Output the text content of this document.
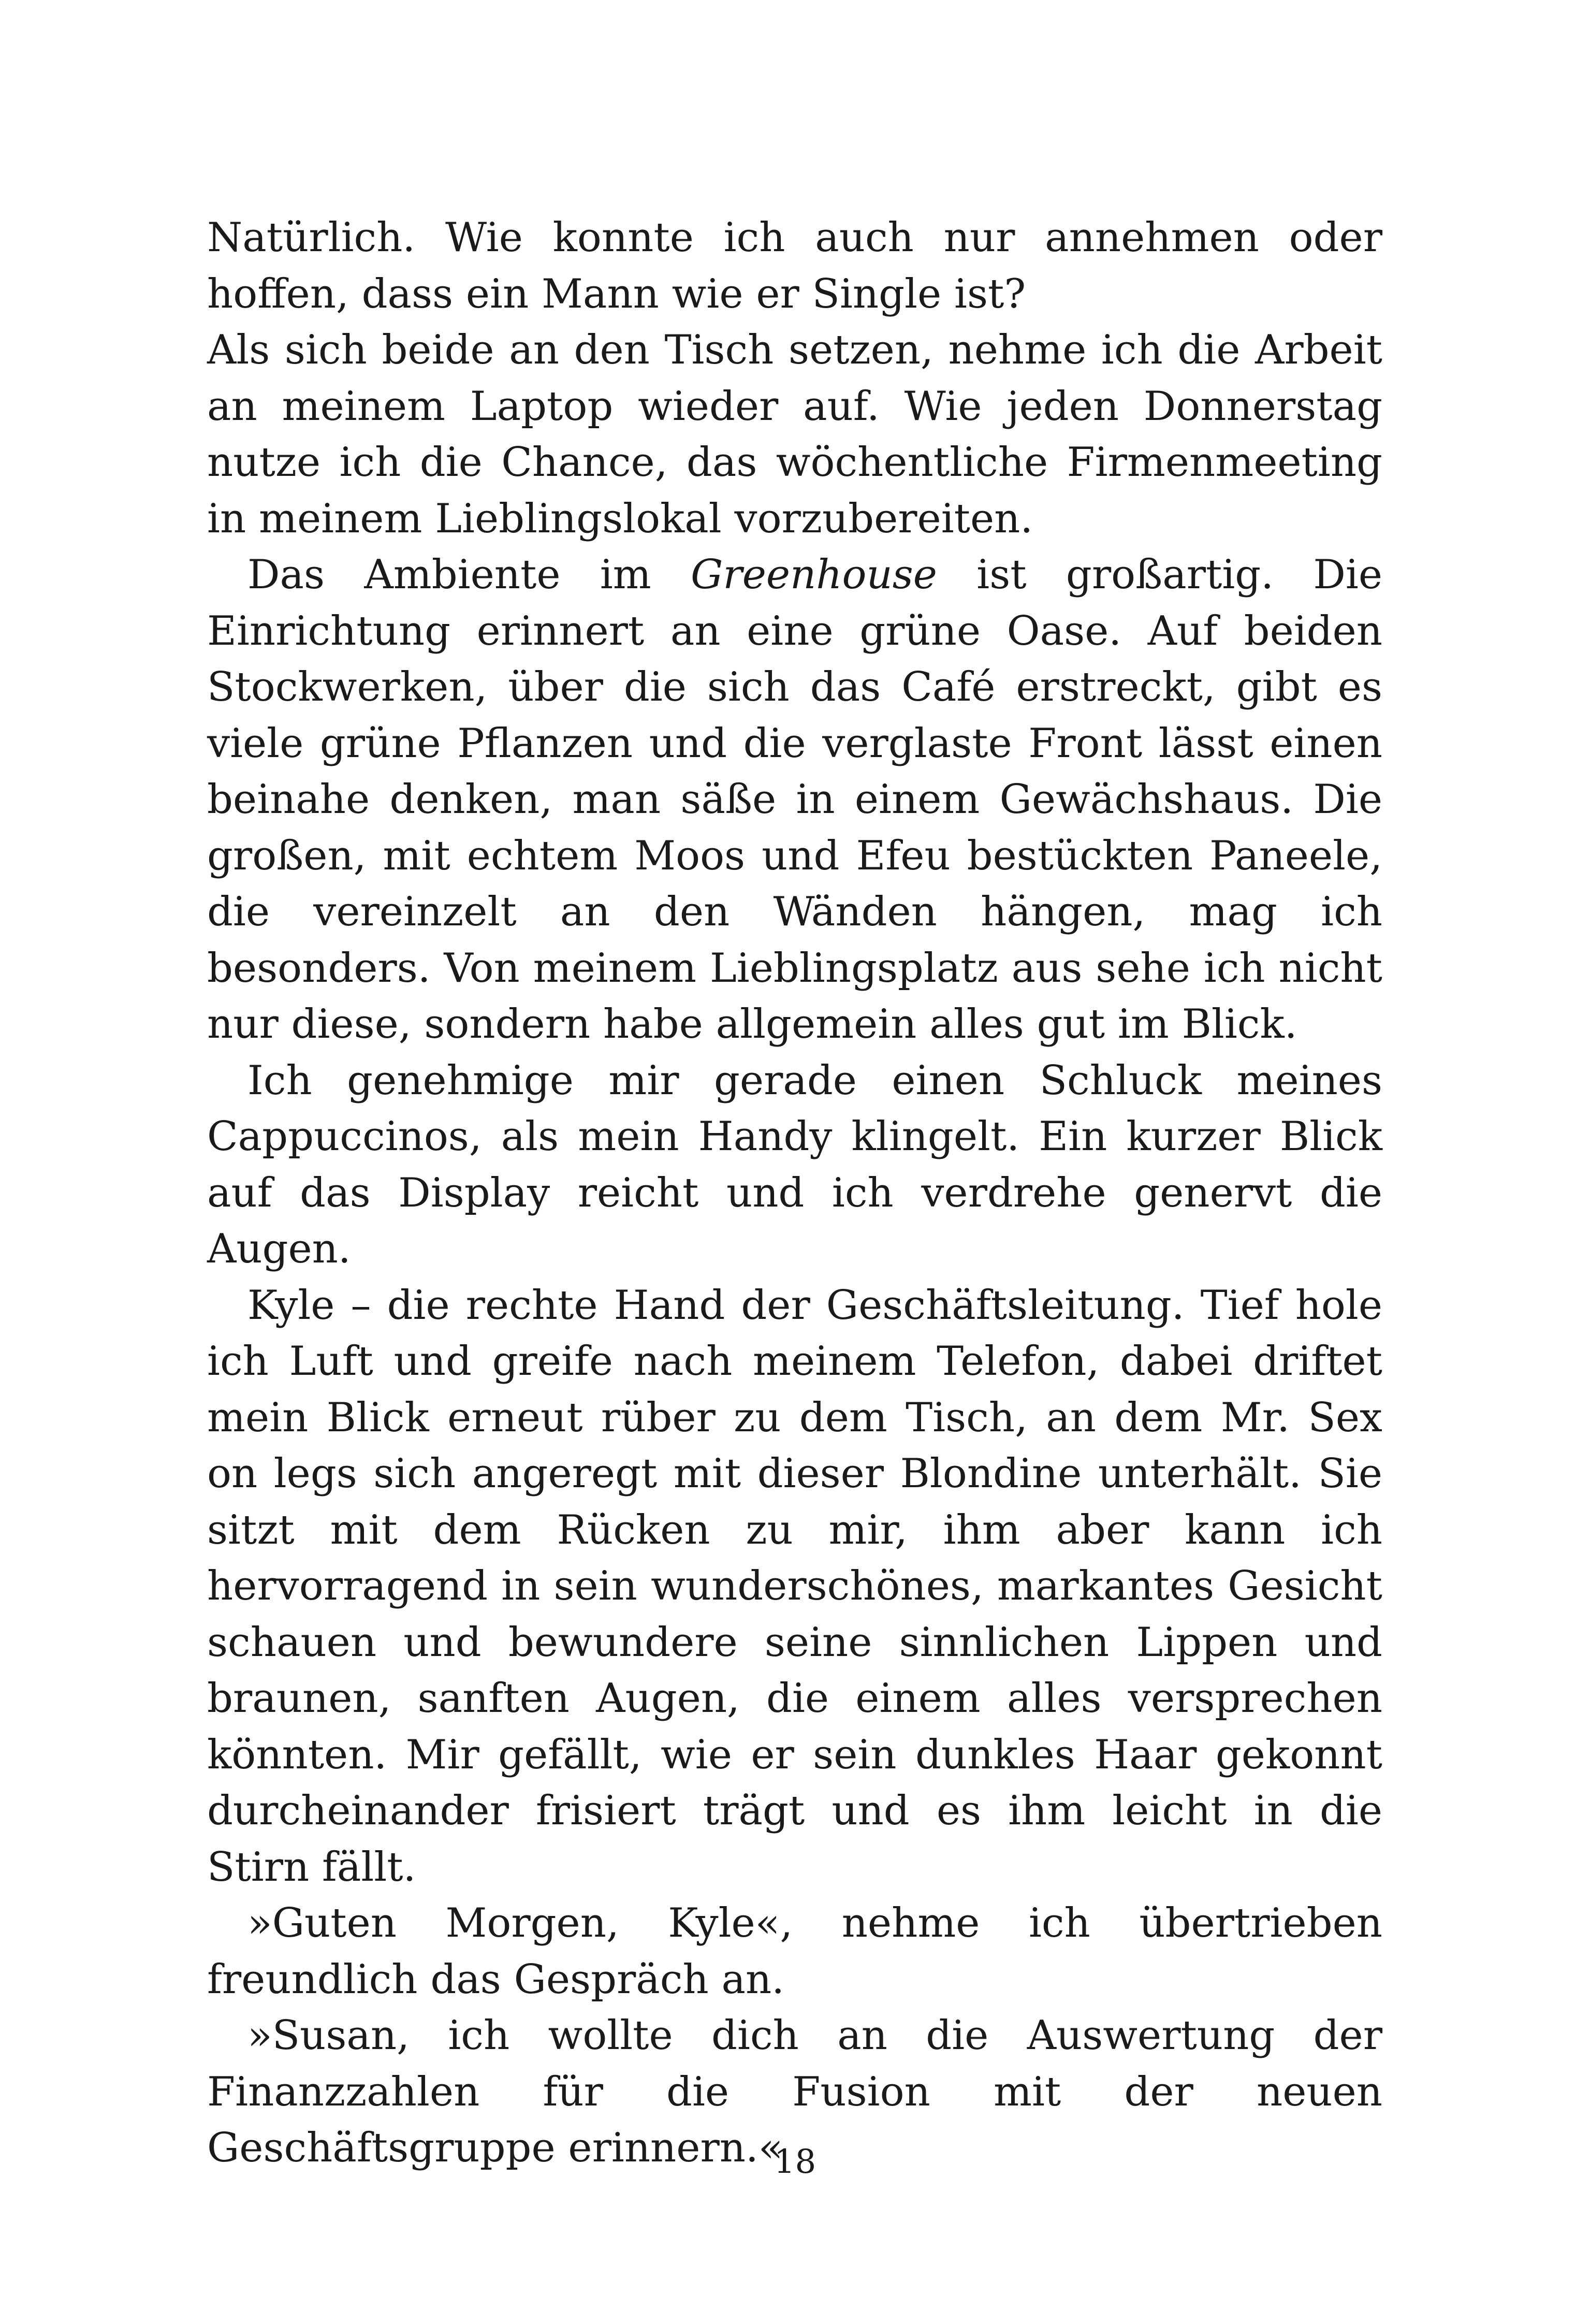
Natürlich. Wie konnte ich auch nur annehmen oder hoffen, dass ein Mann wie er Single ist?

Als sich beide an den Tisch setzen, nehme ich die Arbeit an meinem Laptop wieder auf. Wie jeden Donnerstag nutze ich die Chance, das wöchentliche Firmenmeeting in meinem Lieblingslokal vorzubereiten.

Das Ambiente im Greenhouse ist großartig. Die Einrichtung erinnert an eine grüne Oase. Auf beiden Stockwerken, über die sich das Café erstreckt, gibt es viele grüne Pflanzen und die verglaste Front lässt einen beinahe denken, man säße in einem Gewächshaus. Die großen, mit echtem Moos und Efeu bestückten Paneele, die vereinzelt an den Wänden hängen, mag ich besonders. Von meinem Lieblingsplatz aus sehe ich nicht nur diese, sondern habe allgemein alles gut im Blick.

Ich genehmige mir gerade einen Schluck meines Cappuccinos, als mein Handy klingelt. Ein kurzer Blick auf das Display reicht und ich verdrehe genervt die Augen.

Kyle – die rechte Hand der Geschäftsleitung. Tief hole ich Luft und greife nach meinem Telefon, dabei driftet mein Blick erneut rüber zu dem Tisch, an dem Mr. Sex on legs sich angeregt mit dieser Blondine unterhält. Sie sitzt mit dem Rücken zu mir, ihm aber kann ich hervorragend in sein wunderschönes, markantes Gesicht schauen und bewundere seine sinnlichen Lippen und braunen, sanften Augen, die einem alles versprechen könnten. Mir gefällt, wie er sein dunkles Haar gekonnt durcheinander frisiert trägt und es ihm leicht in die Stirn fällt.

»Guten Morgen, Kyle«, nehme ich übertrieben freundlich das Gespräch an.

»Susan, ich wollte dich an die Auswertung der Finanzzahlen für die Fusion mit der neuen Geschäftsgruppe erinnern.«

18
